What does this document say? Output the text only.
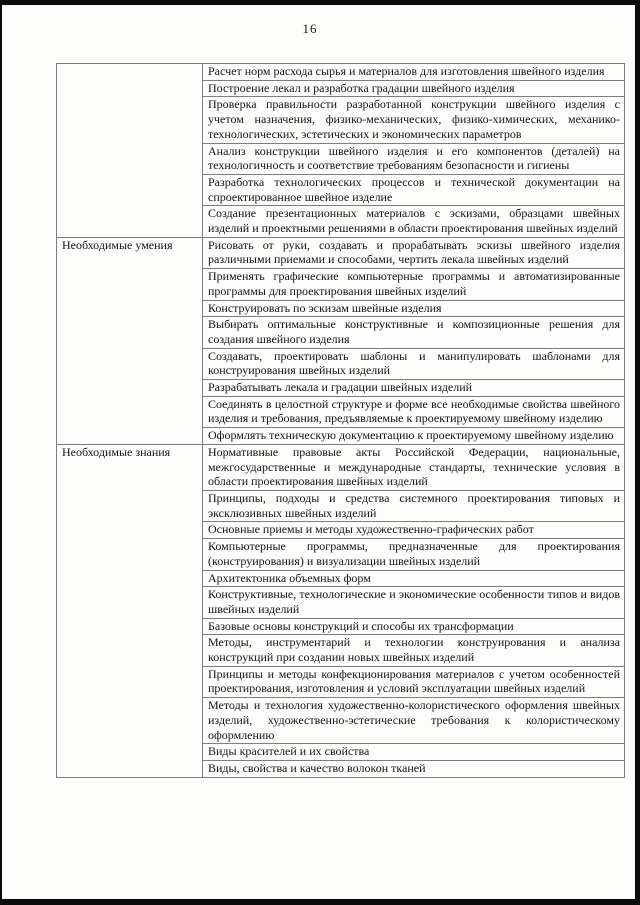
16
	Расчет норм расхода сырья и материалов для изготовления швейного изделия
	Построение лекал и разработка градации швейного изделия
	Проверка правильности разработанной конструкции швейного изделия с учетом назначения, физико-механических, физико-химических, механико-технологических, эстетических и экономических параметров
	Анализ конструкции швейного изделия и его компонентов (деталей) на технологичность и соответствие требованиям безопасности и гигиены
	Разработка технологических процессов и технической документации на спроектированное швейное изделие
	Создание презентационных материалов с эскизами, образцами швейных изделий и проектными решениями в области проектирования швейных изделий
Необходимые умения	Рисовать от руки, создавать и прорабатывать эскизы швейного изделия различными приемами и способами, чертить лекала швейных изделий
	Применять графические компьютерные программы и автоматизированные программы для проектирования швейных изделий
	Конструировать по эскизам швейные изделия
	Выбирать оптимальные конструктивные и композиционные решения для создания швейного изделия
	Создавать, проектировать шаблоны и манипулировать шаблонами для конструирования швейных изделий
	Разрабатывать лекала и градации швейных изделий
	Соединять в целостной структуре и форме все необходимые свойства швейного изделия и требования, предъявляемые к проектируемому швейному изделию
	Оформлять техническую документацию к проектируемому швейному изделию
Необходимые знания	Нормативные правовые акты Российской Федерации, национальные, межгосударственные и международные стандарты, технические условия в области проектирования швейных изделий
	Принципы, подходы и средства системного проектирования типовых и эксклюзивных швейных изделий
	Основные приемы и методы художественно-графических работ
	Компьютерные программы, предназначенные для проектирования (конструирования) и визуализации швейных изделий
	Архитектоника объемных форм
	Конструктивные, технологические и экономические особенности типов и видов швейных изделий
	Базовые основы конструкций и способы их трансформации
	Методы, инструментарий и технологии конструирования и анализа конструкций при создании новых швейных изделий
	Принципы и методы конфекционирования материалов с учетом особенностей проектирования, изготовления и условий эксплуатации швейных изделий
	Методы и технология художественно-колористического оформления швейных изделий, художественно-эстетические требования к колористическому оформлению
	Виды красителей и их свойства
	Виды, свойства и качество волокон тканей
